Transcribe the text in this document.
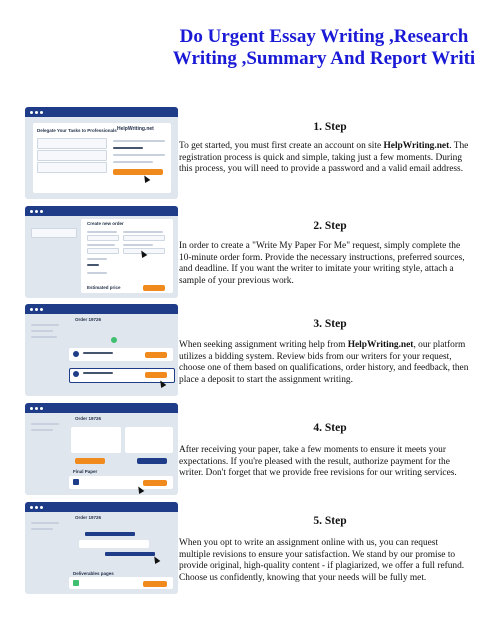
Do Urgent Essay Writing ,Research Writing ,Summary And Report Writi
Delegate Your Tasks to Professionals HelpWriting.net	1. Step
To get started, you must first create an account on site HelpWriting.net. The registration process is quick and simple, taking just a few moments. During this process, you will need to provide a password and a valid email address.
Create new order
Estimated price
2. Step
In order to create a "Write My Paper For Me" request, simply complete the 10-minute order form. Provide the necessary instructions, preferred sources, and deadline. If you want the writer to imitate your writing style, attach a sample of your previous work.
Order 19726	3. Step
When seeking assignment writing help from HelpWriting.net, our platform utilizes a bidding system. Review bids from our writers for your request, choose one of them based on qualifications, order history, and feedback, then place a deposit to start the assignment writing.
Order 19726
Final Paper
4. Step
After receiving your paper, take a few moments to ensure it meets your expectations. If you're pleased with the result, authorize payment for the writer. Don't forget that we provide free revisions for our writing services.
Order 19726
Deliverables pages
5. Step
When you opt to write an assignment online with us, you can request multiple revisions to ensure your satisfaction. We stand by our promise to provide original, high-quality content - if plagiarized, we offer a full refund. Choose us confidently, knowing that your needs will be fully met.
